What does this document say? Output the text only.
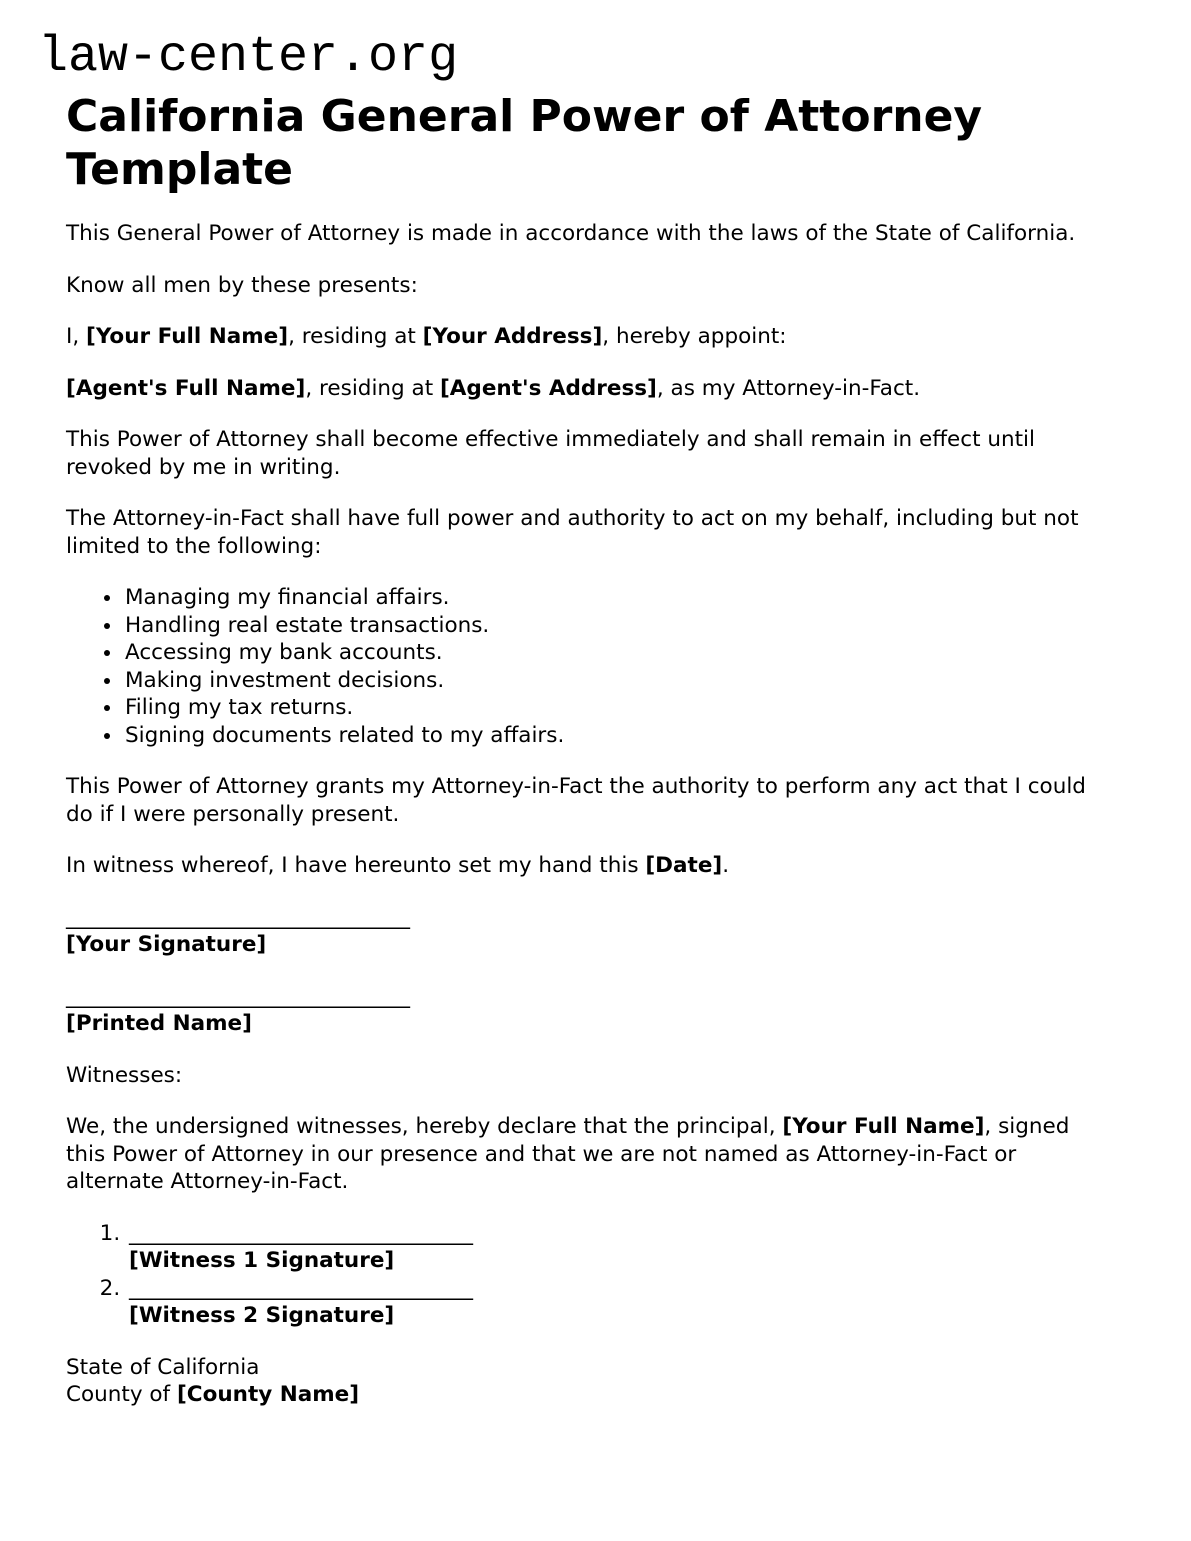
law-center.org
California General Power of Attorney Template

This General Power of Attorney is made in accordance with the laws of the State of California.

Know all men by these presents:

I, [Your Full Name], residing at [Your Address], hereby appoint:

[Agent's Full Name], residing at [Agent's Address], as my Attorney-in-Fact.

This Power of Attorney shall become effective immediately and shall remain in effect until revoked by me in writing.

The Attorney-in-Fact shall have full power and authority to act on my behalf, including but not limited to the following:

• Managing my financial affairs.
• Handling real estate transactions.
• Accessing my bank accounts.
• Making investment decisions.
• Filing my tax returns.
• Signing documents related to my affairs.

This Power of Attorney grants my Attorney-in-Fact the authority to perform any act that I could do if I were personally present.

In witness whereof, I have hereunto set my hand this [Date].

________________________________
[Your Signature]

________________________________
[Printed Name]

Witnesses:

We, the undersigned witnesses, hereby declare that the principal, [Your Full Name], signed this Power of Attorney in our presence and that we are not named as Attorney-in-Fact or alternate Attorney-in-Fact.

1. ________________________________
[Witness 1 Signature]
2. ________________________________
[Witness 2 Signature]

State of California
County of [County Name]
